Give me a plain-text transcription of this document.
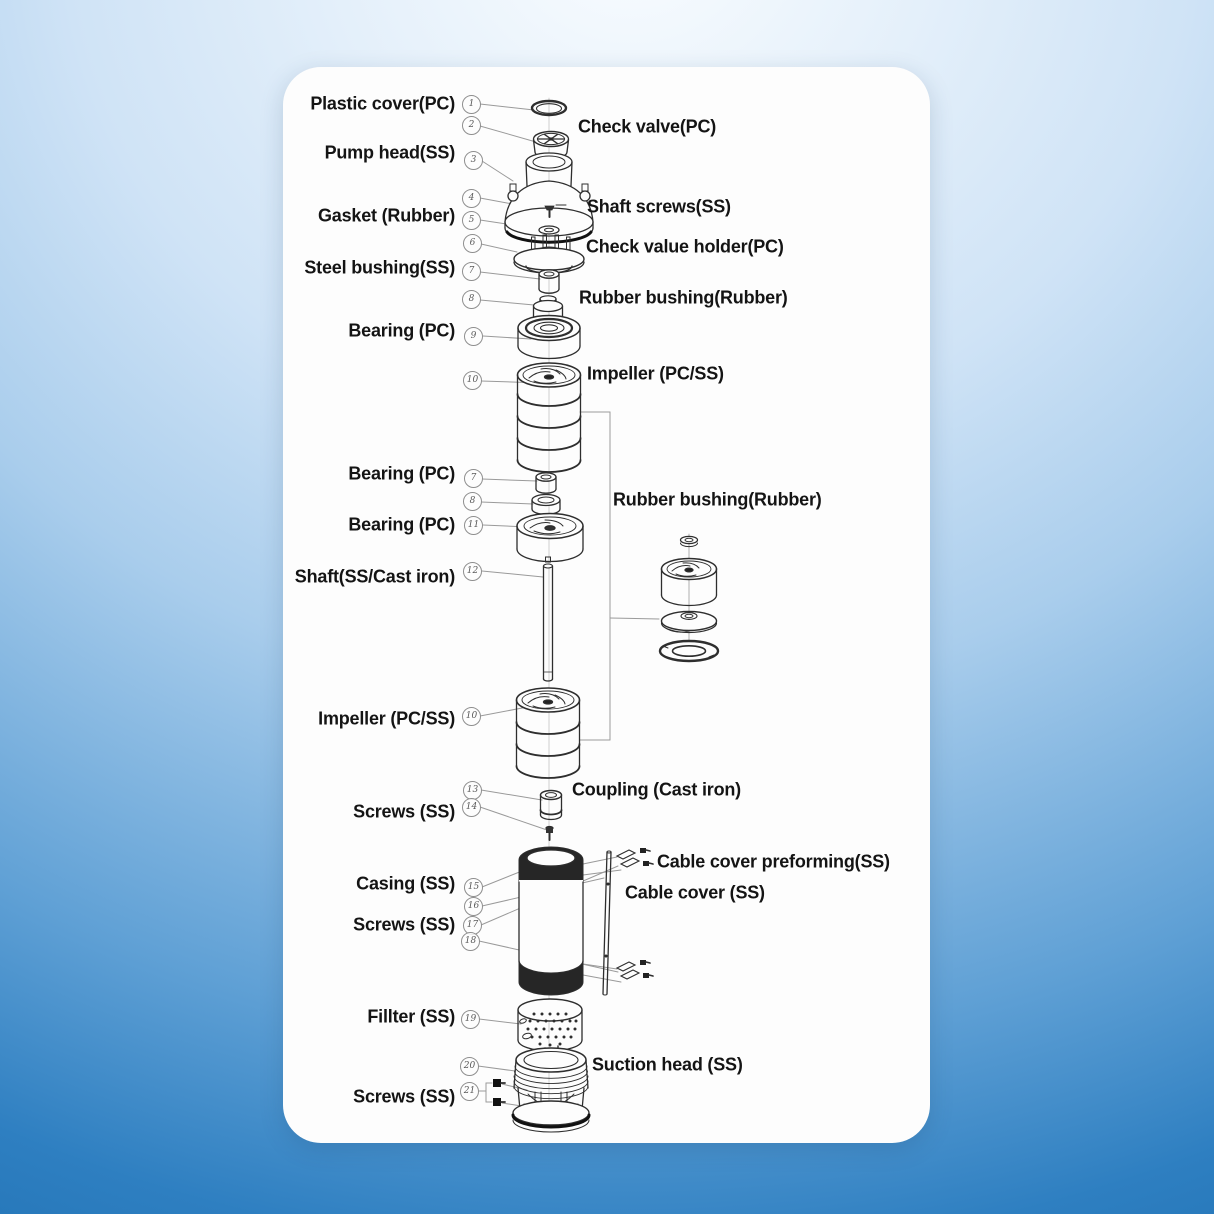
Plastic cover(PC)
Pump head(SS)
Gasket (Rubber)
Steel bushing(SS)
Bearing (PC)
Bearing (PC)
Bearing (PC)
Shaft(SS/Cast iron)
Impeller (PC/SS)
Screws (SS)
Casing (SS)
Screws (SS)
Fillter (SS)
Screws (SS)
Check valve(PC)
Shaft screws(SS)
Check value holder(PC)
Rubber bushing(Rubber)
Impeller (PC/SS)
Rubber bushing(Rubber)
Coupling (Cast iron)
Cable cover preforming(SS)
Cable cover (SS)
Suction head (SS)
1
2
3
4
5
6
7
8
9
10
7
8
11
12
10
13
14
15
16
17
18
19
20
21
